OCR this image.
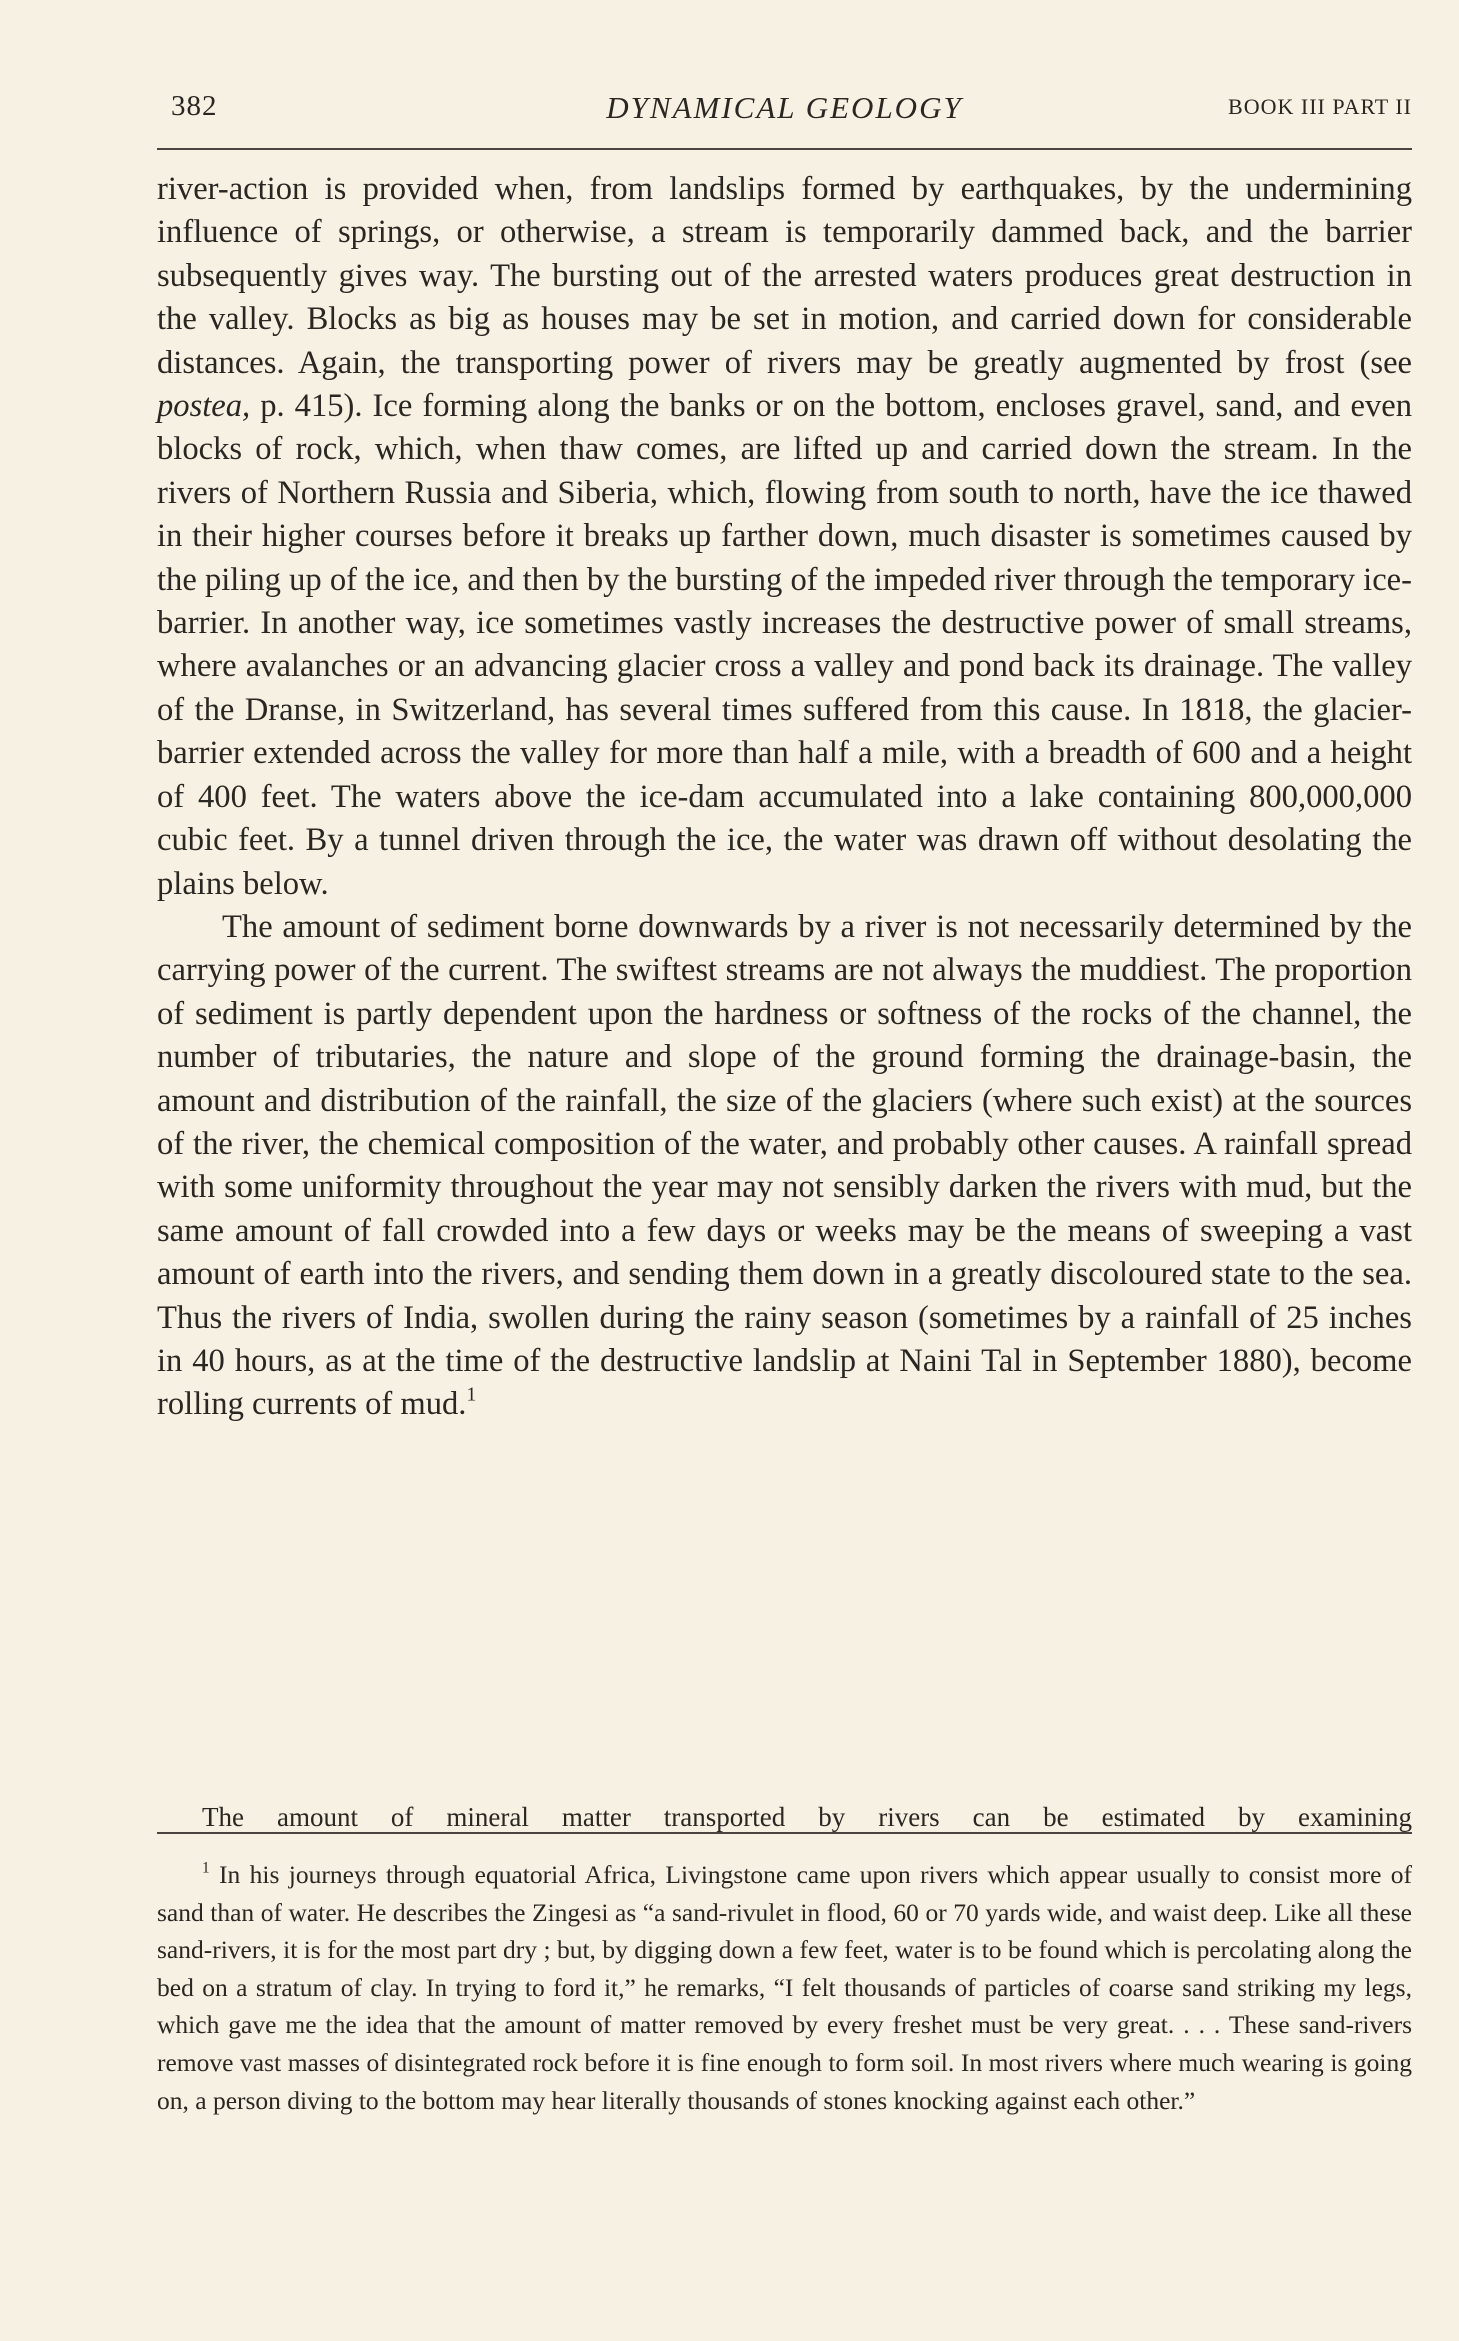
382	DYNAMICAL GEOLOGY	BOOK III PART II

river-action is provided when, from landslips formed by earthquakes, by the undermining influence of springs, or otherwise, a stream is temporarily dammed back, and the barrier subsequently gives way. The bursting out of the arrested waters produces great destruction in the valley. Blocks as big as houses may be set in motion, and carried down for considerable distances. Again, the transporting power of rivers may be greatly augmented by frost (see postea, p. 415). Ice forming along the banks or on the bottom, encloses gravel, sand, and even blocks of rock, which, when thaw comes, are lifted up and carried down the stream. In the rivers of Northern Russia and Siberia, which, flowing from south to north, have the ice thawed in their higher courses before it breaks up farther down, much disaster is sometimes caused by the piling up of the ice, and then by the bursting of the impeded river through the temporary ice-barrier. In another way, ice sometimes vastly increases the destructive power of small streams, where avalanches or an advancing glacier cross a valley and pond back its drainage. The valley of the Dranse, in Switzerland, has several times suffered from this cause. In 1818, the glacier-barrier extended across the valley for more than half a mile, with a breadth of 600 and a height of 400 feet. The waters above the ice-dam accumulated into a lake containing 800,000,000 cubic feet. By a tunnel driven through the ice, the water was drawn off without desolating the plains below.

The amount of sediment borne downwards by a river is not necessarily determined by the carrying power of the current. The swiftest streams are not always the muddiest. The proportion of sediment is partly dependent upon the hardness or softness of the rocks of the channel, the number of tributaries, the nature and slope of the ground forming the drainage-basin, the amount and distribution of the rainfall, the size of the glaciers (where such exist) at the sources of the river, the chemical composition of the water, and probably other causes. A rainfall spread with some uniformity throughout the year may not sensibly darken the rivers with mud, but the same amount of fall crowded into a few days or weeks may be the means of sweeping a vast amount of earth into the rivers, and sending them down in a greatly discoloured state to the sea. Thus the rivers of India, swollen during the rainy season (sometimes by a rainfall of 25 inches in 40 hours, as at the time of the destructive landslip at Naini Tal in September 1880), become rolling currents of mud.$^1$

The amount of mineral matter transported by rivers can be estimated by examining

$^1$ In his journeys through equatorial Africa, Livingstone came upon rivers which appear usually to consist more of sand than of water. He describes the Zingesi as “a sand-rivulet in flood, 60 or 70 yards wide, and waist deep. Like all these sand-rivers, it is for the most part dry ; but, by digging down a few feet, water is to be found which is percolating along the bed on a stratum of clay. In trying to ford it,” he remarks, “I felt thousands of particles of coarse sand striking my legs, which gave me the idea that the amount of matter removed by every freshet must be very great. . . . These sand-rivers remove vast masses of disintegrated rock before it is fine enough to form soil. In most rivers where much wearing is going on, a person diving to the bottom may hear literally thousands of stones knocking against each other.”
